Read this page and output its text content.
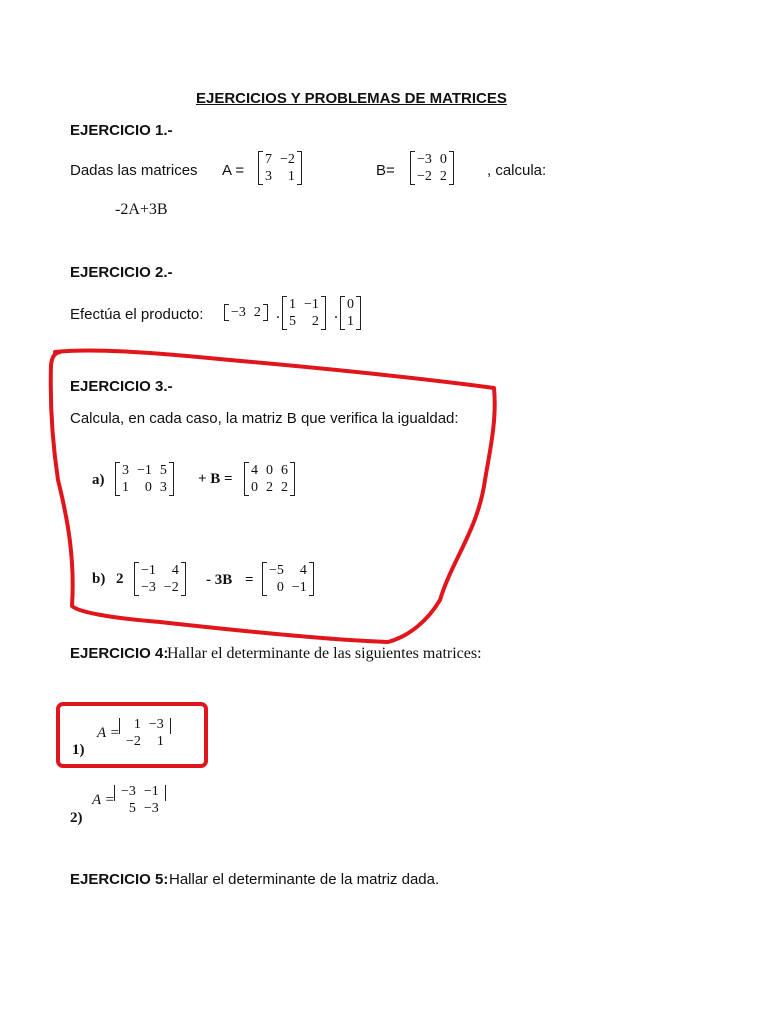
EJERCICIOS Y PROBLEMAS DE MATRICES
EJERCICIO 1.-
Dadas las matrices A =
7	−2
3	1	B=
−3	0
−2	2	, calcula:
-2A+3B
EJERCICIO 2.-
Efectúa el producto: −3	2 .
1	−1
5	2 .
0
1
EJERCICIO 3.-
Calcula, en cada caso, la matriz B que verifica la igualdad:
a)
3	−1	5
1	0	3
+ B =
4	0	6
0	2	2
b) 2
−1	4
−3	−2 - 3B =
−5	4
0	−1
EJERCICIO 4:
Hallar el determinante de las siguientes matrices:
1)
A =
1	−3
−2	1
2)
A =
−3	−1
5	−3
EJERCICIO 5: Hallar el determinante de la matriz dada.
